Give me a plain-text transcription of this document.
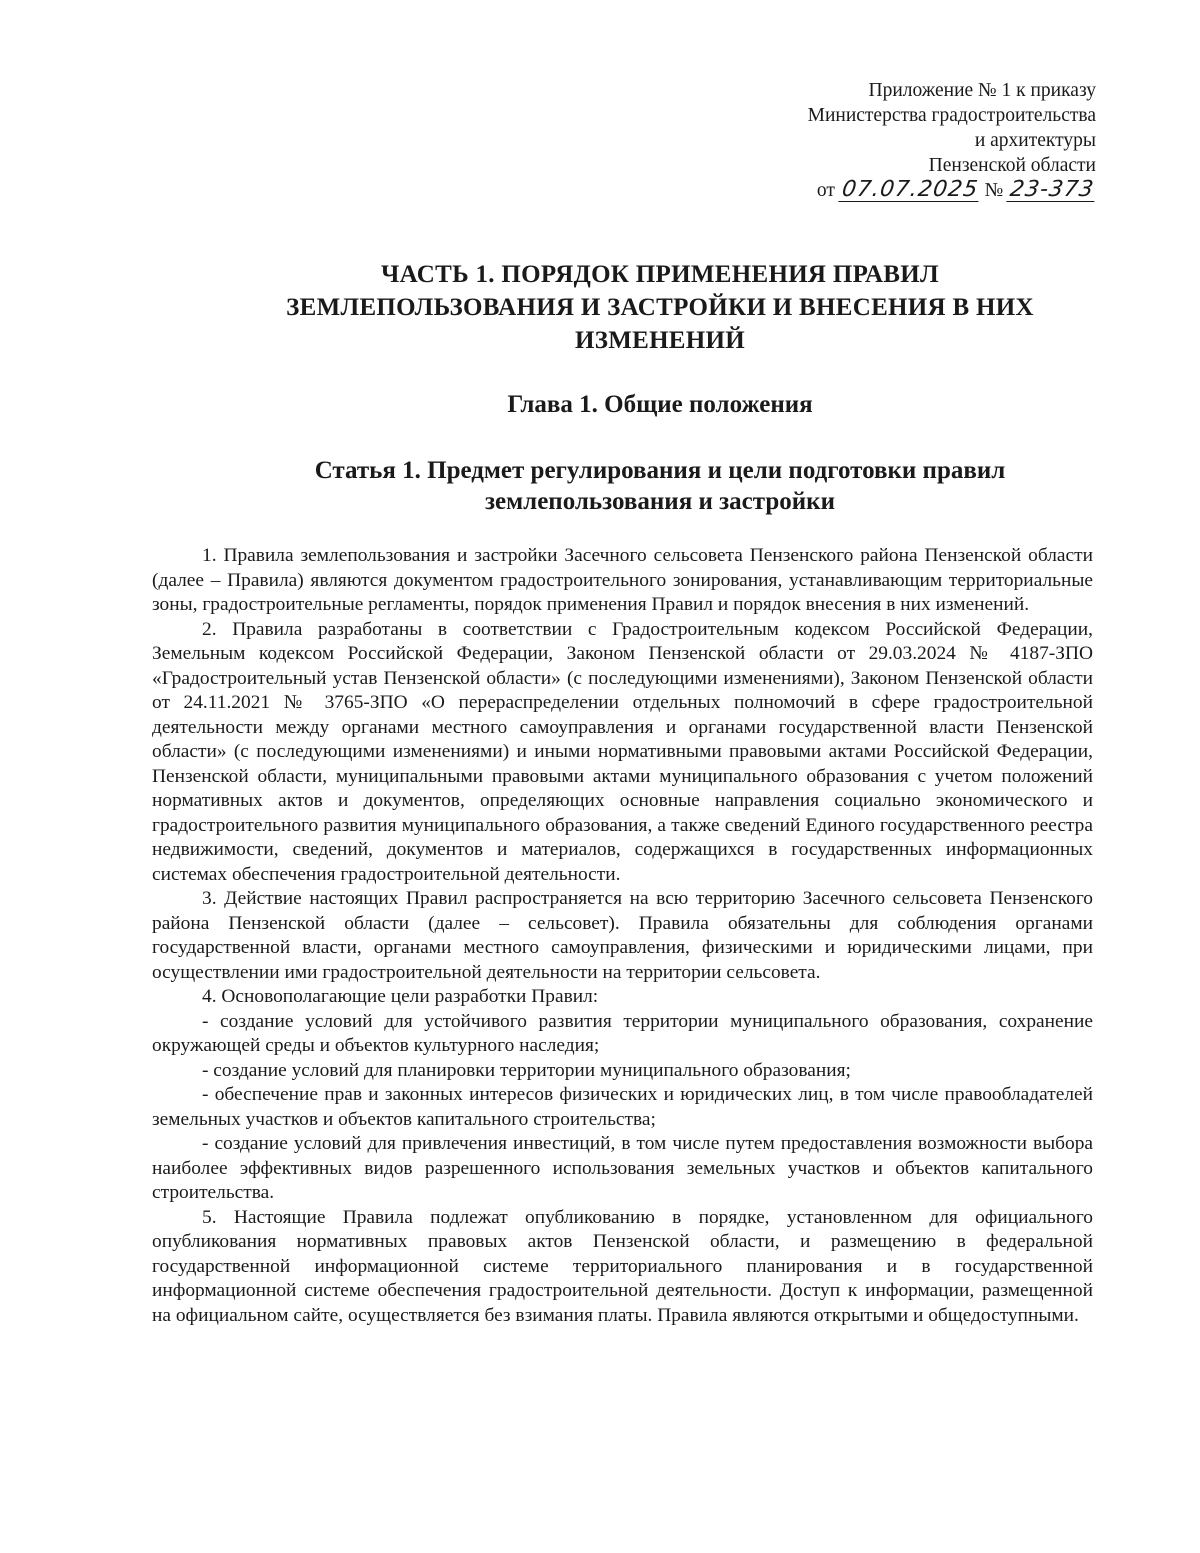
Приложение № 1 к приказу
Министерства градостроительства
и архитектуры
Пензенской области
от 07.07.2025 № 23-373
ЧАСТЬ 1. ПОРЯДОК ПРИМЕНЕНИЯ ПРАВИЛ
ЗЕМЛЕПОЛЬЗОВАНИЯ И ЗАСТРОЙКИ И ВНЕСЕНИЯ В НИХ
ИЗМЕНЕНИЙ
Глава 1. Общие положения
Статья 1. Предмет регулирования и цели подготовки правил
землепользования и застройки

1. Правила землепользования и застройки Засечного сельсовета Пензенского района Пензенской области (далее – Правила) являются документом градостроительного зонирования, устанавливающим территориальные зоны, градостроительные регламенты, порядок применения Правил и порядок внесения в них изменений.

2. Правила разработаны в соответствии с Градостроительным кодексом Российской Федерации, Земельным кодексом Российской Федерации, Законом Пензенской области от 29.03.2024 № 4187-ЗПО «Градостроительный устав Пензенской области» (с последующими изменениями), Законом Пензенской области от 24.11.2021 № 3765-ЗПО «О перераспределении отдельных полномочий в сфере градостроительной деятельности между органами местного самоуправления и органами государственной власти Пензенской области» (с последующими изменениями) и иными нормативными правовыми актами Российской Федерации, Пензенской области, муниципальными правовыми актами муниципального образования с учетом положений нормативных актов и документов, определяющих основные направления социально экономического и градостроительного развития муниципального образования, а также сведений Единого государственного реестра недвижимости, сведений, документов и материалов, содержащихся в государственных информационных системах обеспечения градостроительной деятельности.

3. Действие настоящих Правил распространяется на всю территорию Засечного сельсовета Пензенского района Пензенской области (далее – сельсовет). Правила обязательны для соблюдения органами государственной власти, органами местного самоуправления, физическими и юридическими лицами, при осуществлении ими градостроительной деятельности на территории сельсовета.

4. Основополагающие цели разработки Правил:

- создание условий для устойчивого развития территории муниципального образования, сохранение окружающей среды и объектов культурного наследия;

- создание условий для планировки территории муниципального образования;

- обеспечение прав и законных интересов физических и юридических лиц, в том числе правообладателей земельных участков и объектов капитального строительства;

- создание условий для привлечения инвестиций, в том числе путем предоставления возможности выбора наиболее эффективных видов разрешенного использования земельных участков и объектов капитального строительства.

5. Настоящие Правила подлежат опубликованию в порядке, установленном для официального опубликования нормативных правовых актов Пензенской области, и размещению в федеральной государственной информационной системе территориального планирования и в государственной информационной системе обеспечения градостроительной деятельности. Доступ к информации, размещенной на официальном сайте, осуществляется без взимания платы. Правила являются открытыми и общедоступными.
